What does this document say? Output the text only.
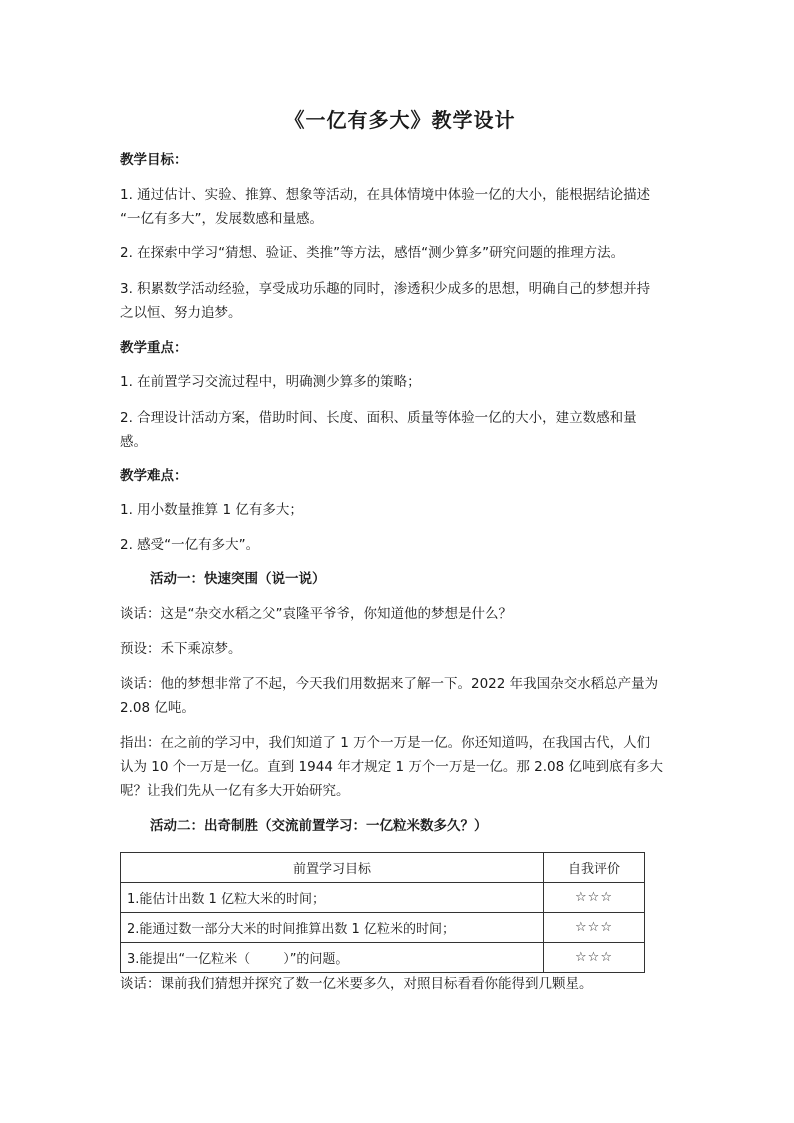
《一亿有多大》教学设计
教学目标：
1. 通过估计、实验、推算、想象等活动，在具体情境中体验一亿的大小，能根据结论描述
“一亿有多大”，发展数感和量感。
2. 在探索中学习“猜想、验证、类推”等方法，感悟“测少算多”研究问题的推理方法。
3. 积累数学活动经验，享受成功乐趣的同时，渗透积少成多的思想，明确自己的梦想并持
之以恒、努力追梦。
教学重点：
1. 在前置学习交流过程中，明确测少算多的策略；
2. 合理设计活动方案，借助时间、长度、面积、质量等体验一亿的大小，建立数感和量
感。
教学难点：
1. 用小数量推算 1 亿有多大；
2. 感受“一亿有多大”。
活动一：快速突围（说一说）
谈话：这是“杂交水稻之父”袁隆平爷爷，你知道他的梦想是什么？
预设：禾下乘凉梦。
谈话：他的梦想非常了不起，今天我们用数据来了解一下。2022 年我国杂交水稻总产量为
2.08 亿吨。
指出：在之前的学习中，我们知道了 1 万个一万是一亿。你还知道吗，在我国古代，人们
认为 10 个一万是一亿。直到 1944 年才规定 1 万个一万是一亿。那 2.08 亿吨到底有多大
呢？让我们先从一亿有多大开始研究。
活动二：出奇制胜（交流前置学习：一亿粒米数多久？）
前置学习目标	自我评价
1.能估计出数 1 亿粒大米的时间；	☆☆☆
2.能通过数一部分大米的时间推算出数 1 亿粒米的时间；	☆☆☆
3.能提出“一亿粒米（        ）”的问题。	☆☆☆
谈话：课前我们猜想并探究了数一亿米要多久，对照目标看看你能得到几颗星。
